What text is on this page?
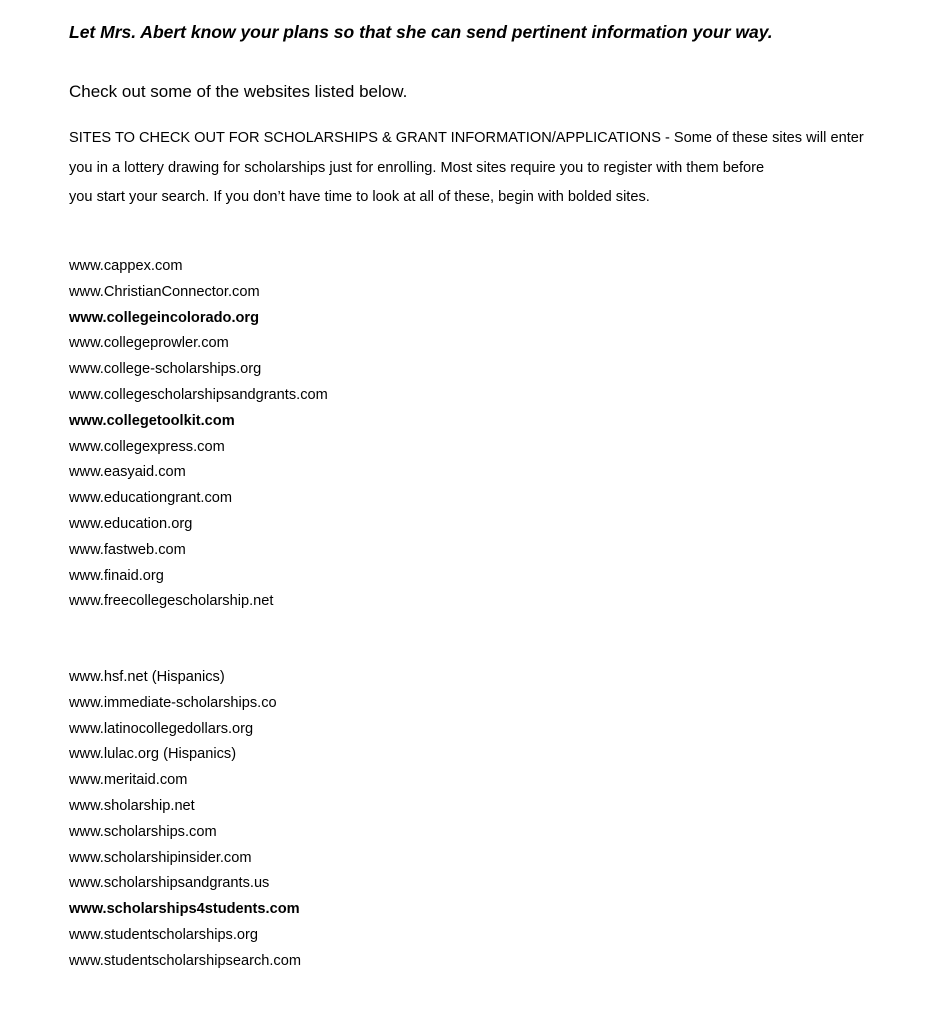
Let Mrs. Abert know your plans so that she can send pertinent information your way.

Check out some of the websites listed below.

SITES TO CHECK OUT FOR SCHOLARSHIPS & GRANT INFORMATION/APPLICATIONS - Some of these sites will enter
you in a lottery drawing for scholarships just for enrolling. Most sites require you to register with them before
you start your search. If you don’t have time to look at all of these, begin with bolded sites.

www.cappex.com
www.ChristianConnector.com
www.collegeincolorado.org
www.collegeprowler.com
www.college-scholarships.org
www.collegescholarshipsandgrants.com
www.collegetoolkit.com
www.collegexpress.com
www.easyaid.com
www.educationgrant.com
www.education.org
www.fastweb.com
www.finaid.org
www.freecollegescholarship.net
www.hsf.net (Hispanics)
www.immediate-scholarships.co
www.latinocollegedollars.org
www.lulac.org (Hispanics)
www.meritaid.com
www.sholarship.net
www.scholarships.com
www.scholarshipinsider.com
www.scholarshipsandgrants.us
www.scholarships4students.com
www.studentscholarships.org
www.studentscholarshipsearch.com
